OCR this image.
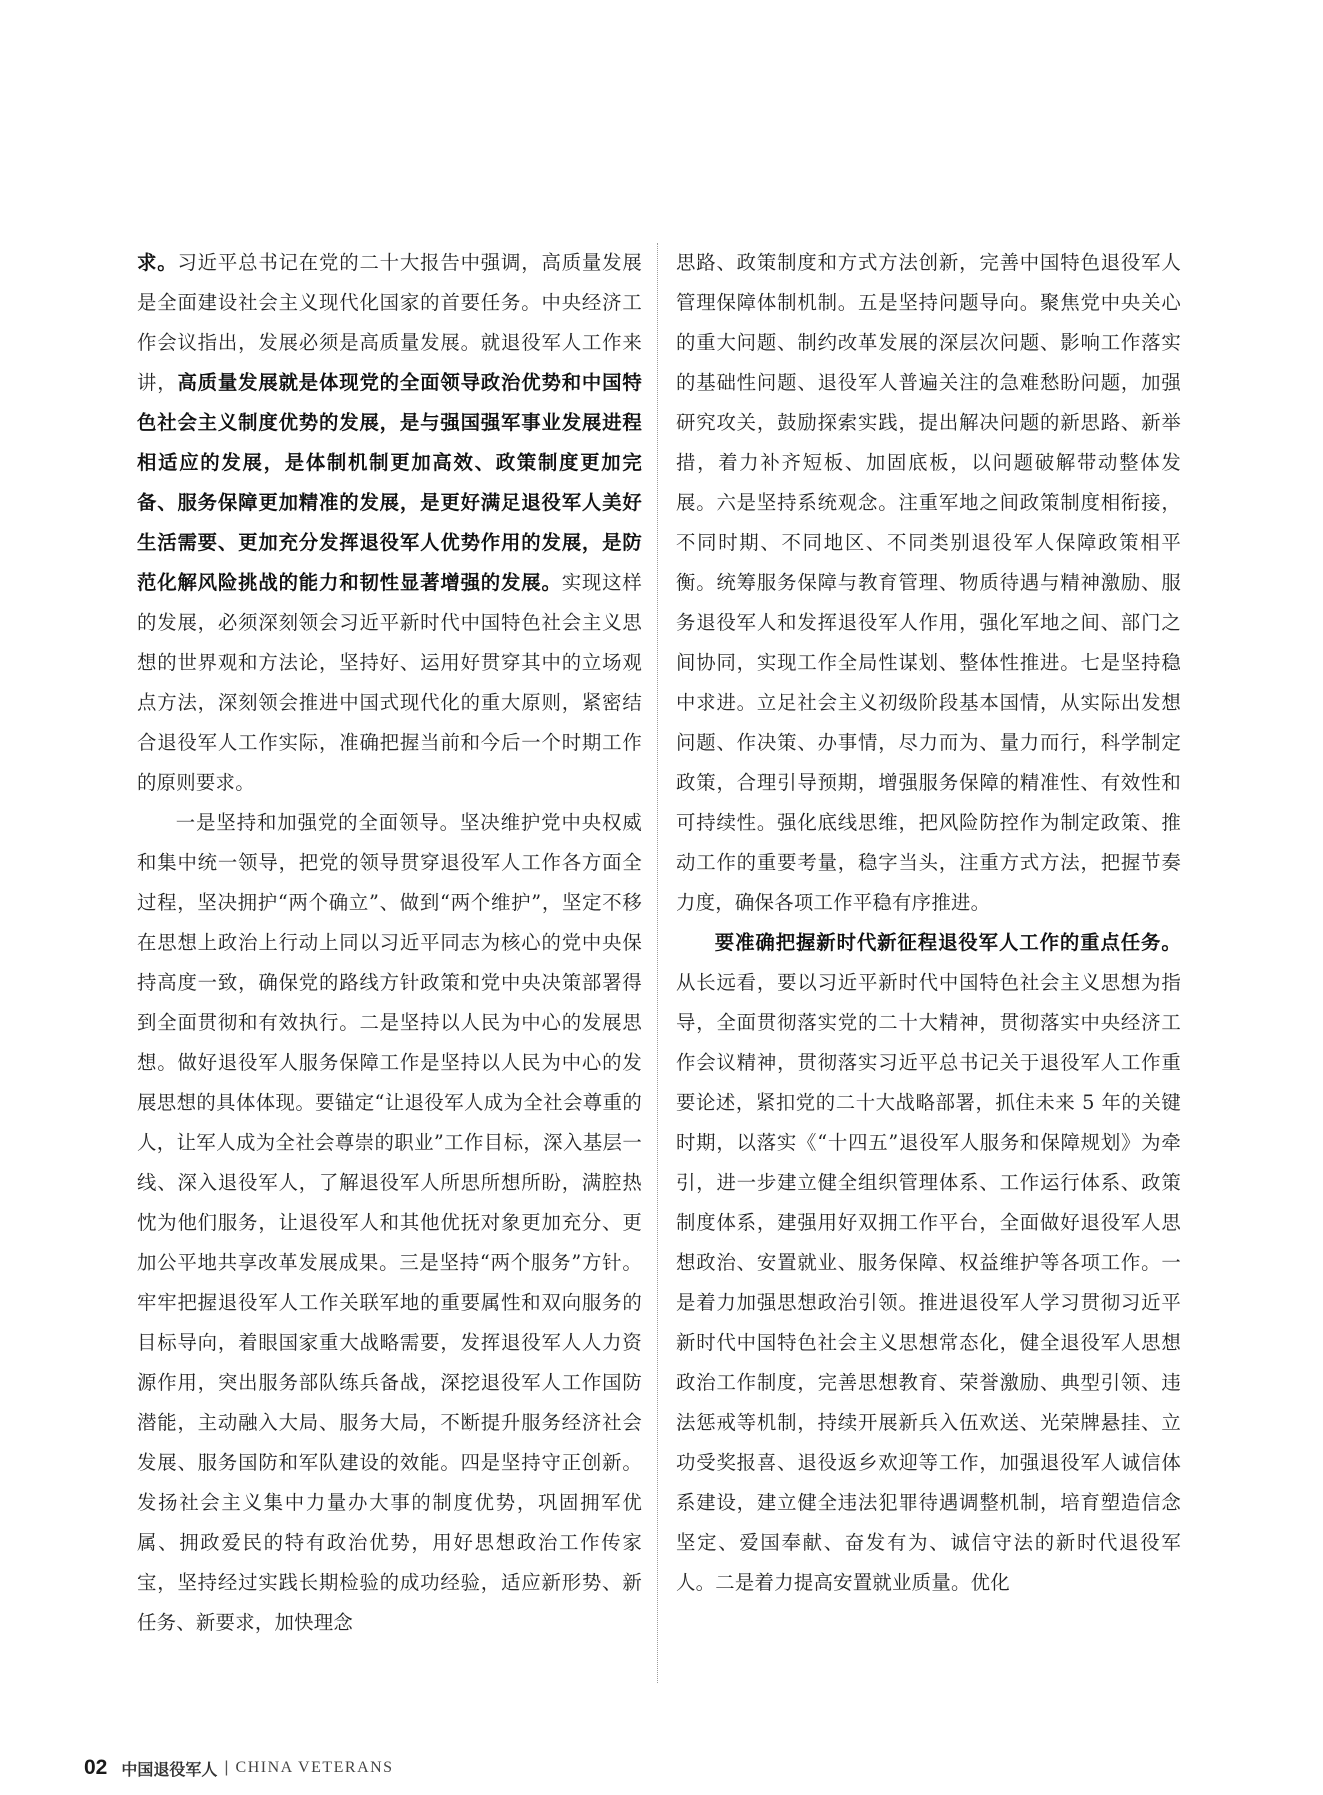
求。习近平总书记在党的二十大报告中强调，高质量发展是全面建设社会主义现代化国家的首要任务。中央经济工作会议指出，发展必须是高质量发展。就退役军人工作来讲，高质量发展就是体现党的全面领导政治优势和中国特色社会主义制度优势的发展，是与强国强军事业发展进程相适应的发展，是体制机制更加高效、政策制度更加完备、服务保障更加精准的发展，是更好满足退役军人美好生活需要、更加充分发挥退役军人优势作用的发展，是防范化解风险挑战的能力和韧性显著增强的发展。实现这样的发展，必须深刻领会习近平新时代中国特色社会主义思想的世界观和方法论，坚持好、运用好贯穿其中的立场观点方法，深刻领会推进中国式现代化的重大原则，紧密结合退役军人工作实际，准确把握当前和今后一个时期工作的原则要求。

一是坚持和加强党的全面领导。坚决维护党中央权威和集中统一领导，把党的领导贯穿退役军人工作各方面全过程，坚决拥护“两个确立”、做到“两个维护”，坚定不移在思想上政治上行动上同以习近平同志为核心的党中央保持高度一致，确保党的路线方针政策和党中央决策部署得到全面贯彻和有效执行。二是坚持以人民为中心的发展思想。做好退役军人服务保障工作是坚持以人民为中心的发展思想的具体体现。要锚定“让退役军人成为全社会尊重的人，让军人成为全社会尊崇的职业”工作目标，深入基层一线、深入退役军人，了解退役军人所思所想所盼，满腔热忱为他们服务，让退役军人和其他优抚对象更加充分、更加公平地共享改革发展成果。三是坚持“两个服务”方针。牢牢把握退役军人工作关联军地的重要属性和双向服务的目标导向，着眼国家重大战略需要，发挥退役军人人力资源作用，突出服务部队练兵备战，深挖退役军人工作国防潜能，主动融入大局、服务大局，不断提升服务经济社会发展、服务国防和军队建设的效能。四是坚持守正创新。发扬社会主义集中力量办大事的制度优势，巩固拥军优属、拥政爱民的特有政治优势，用好思想政治工作传家宝，坚持经过实践长期检验的成功经验，适应新形势、新任务、新要求，加快理念

思路、政策制度和方式方法创新，完善中国特色退役军人管理保障体制机制。五是坚持问题导向。聚焦党中央关心的重大问题、制约改革发展的深层次问题、影响工作落实的基础性问题、退役军人普遍关注的急难愁盼问题，加强研究攻关，鼓励探索实践，提出解决问题的新思路、新举措，着力补齐短板、加固底板，以问题破解带动整体发展。六是坚持系统观念。注重军地之间政策制度相衔接，不同时期、不同地区、不同类别退役军人保障政策相平衡。统筹服务保障与教育管理、物质待遇与精神激励、服务退役军人和发挥退役军人作用，强化军地之间、部门之间协同，实现工作全局性谋划、整体性推进。七是坚持稳中求进。立足社会主义初级阶段基本国情，从实际出发想问题、作决策、办事情，尽力而为、量力而行，科学制定政策，合理引导预期，增强服务保障的精准性、有效性和可持续性。强化底线思维，把风险防控作为制定政策、推动工作的重要考量，稳字当头，注重方式方法，把握节奏力度，确保各项工作平稳有序推进。

要准确把握新时代新征程退役军人工作的重点任务。从长远看，要以习近平新时代中国特色社会主义思想为指导，全面贯彻落实党的二十大精神，贯彻落实中央经济工作会议精神，贯彻落实习近平总书记关于退役军人工作重要论述，紧扣党的二十大战略部署，抓住未来 5 年的关键时期，以落实《“十四五”退役军人服务和保障规划》为牵引，进一步建立健全组织管理体系、工作运行体系、政策制度体系，建强用好双拥工作平台，全面做好退役军人思想政治、安置就业、服务保障、权益维护等各项工作。一是着力加强思想政治引领。推进退役军人学习贯彻习近平新时代中国特色社会主义思想常态化，健全退役军人思想政治工作制度，完善思想教育、荣誉激励、典型引领、违法惩戒等机制，持续开展新兵入伍欢送、光荣牌悬挂、立功受奖报喜、退役返乡欢迎等工作，加强退役军人诚信体系建设，建立健全违法犯罪待遇调整机制，培育塑造信念坚定、爱国奉献、奋发有为、诚信守法的新时代退役军人。二是着力提高安置就业质量。优化

02 中国退役军人 | CHINA VETERANS
